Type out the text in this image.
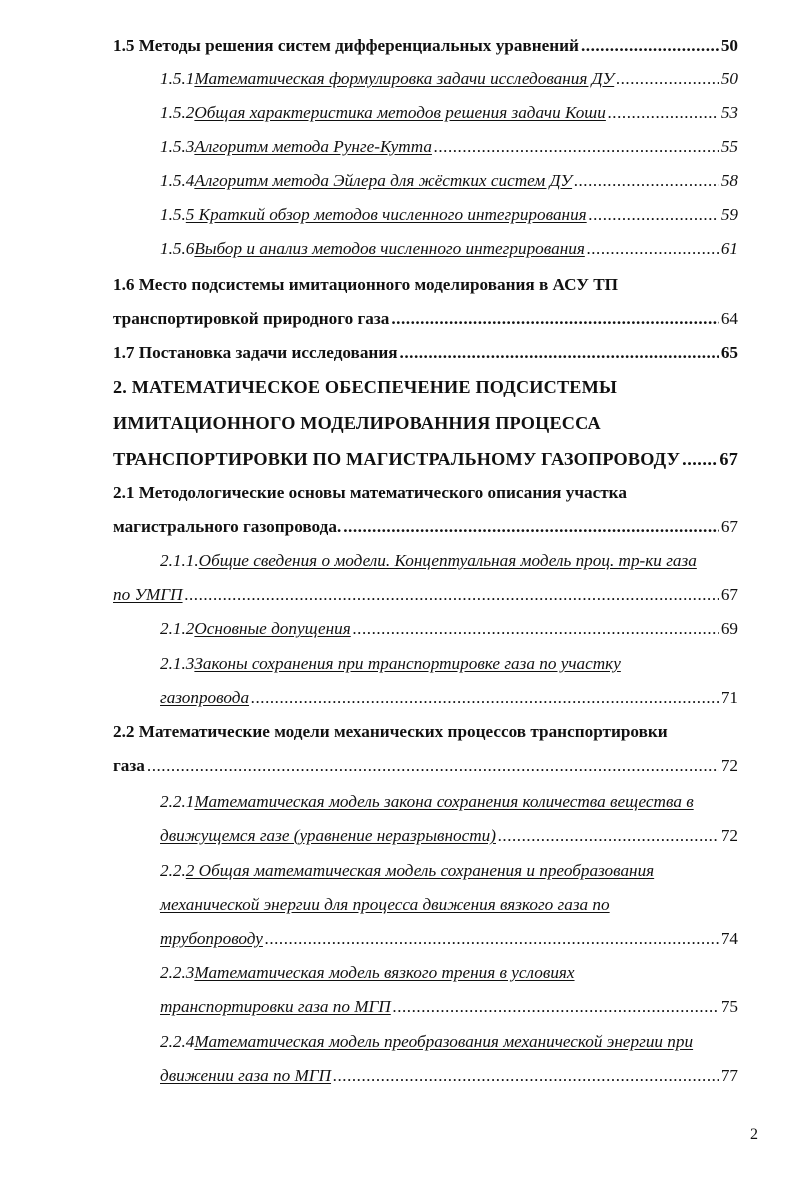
1.5 Методы решения систем дифференциальных уравнений .....	50
1.5.1 Математическая формулировка задачи исследования ДУ .....	50
1.5.2 Общая характеристика методов решения задачи Коши .....	53
1.5.3 Алгоритм метода Рунге-Кутта .....	55
1.5.4 Алгоритм метода Эйлера для жёстких систем ДУ .....	58
1.5. 5 Краткий обзор методов численного интегрирования .....	59
1.5.6 Выбор и анализ методов численного интегрирования .....	61
1.6 Место подсистемы имитационного моделирования в АСУ ТП
транспортировкой природного газа .....	64
1.7 Постановка задачи исследования .....	65
2. МАТЕМАТИЧЕСКОЕ ОБЕСПЕЧЕНИЕ ПОДСИСТЕМЫ
ИМИТАЦИОННОГО МОДЕЛИРОВАННИЯ ПРОЦЕССА
ТРАНСПОРТИРОВКИ ПО МАГИСТРАЛЬНОМУ ГАЗОПРОВОДУ ..... 67
2.1 Методологические основы математического описания участка
магистрального газопровода. .....	67
2.1.1. Общие сведения о модели. Концептуальная модель проц. тр-ки газа
по УМГП .....	67
2.1.2 Основные допущения .....	69
2.1.3 Законы сохранения при транспортировке газа по участку
газопровода .....	71
2.2 Математические модели механических процессов транспортировки
газа .....	72
2.2.1 Математическая модель закона сохранения количества вещества в
движущемся газе (уравнение неразрывности) .....	72
2.2. 2 Общая математическая модель сохранения и преобразования
механической энергии для процесса движения вязкого газа по
трубопроводу .....	74
2.2.3 Математическая модель вязкого трения в условиях
транспортировки газа по МГП .....	75
2.2.4 Математическая модель преобразования механической энергии при
движении газа по МГП .....	77
2
